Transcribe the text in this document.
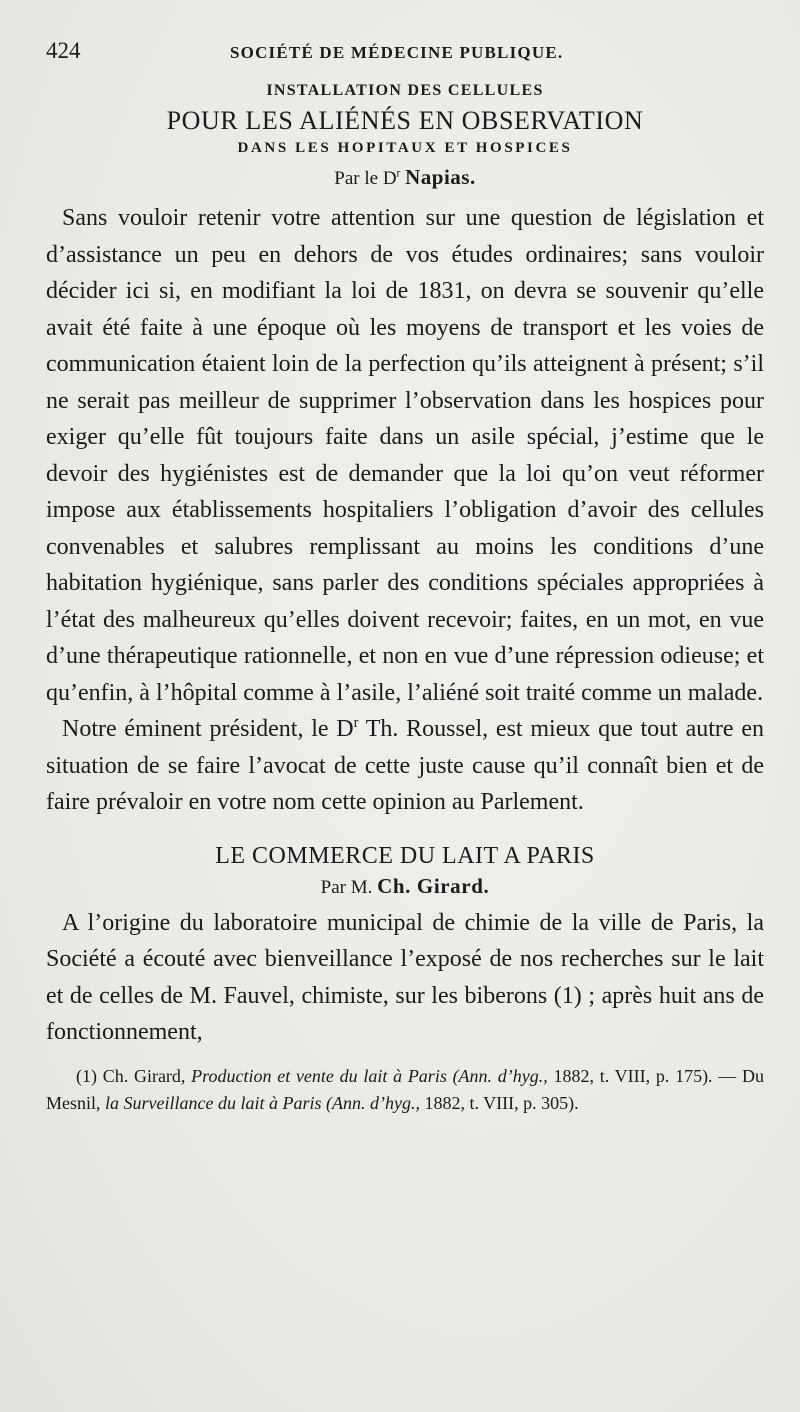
424	SOCIÉTÉ DE MÉDECINE PUBLIQUE.
INSTALLATION DES CELLULES
POUR LES ALIÉNÉS EN OBSERVATION
DANS LES HOPITAUX ET HOSPICES
Par le $D^r$ Napias.

Sans vouloir retenir votre attention sur une question de législation et d’assistance un peu en dehors de vos études ordinaires; sans vouloir décider ici si, en modifiant la loi de 1831, on devra se souvenir qu’elle avait été faite à une époque où les moyens de transport et les voies de communication étaient loin de la perfection qu’ils atteignent à présent; s’il ne serait pas meilleur de supprimer l’observation dans les hospices pour exiger qu’elle fût toujours faite dans un asile spécial, j’estime que le devoir des hygiénistes est de demander que la loi qu’on veut réformer impose aux établissements hospitaliers l’obligation d’avoir des cellules convenables et salubres remplissant au moins les conditions d’une habitation hygiénique, sans parler des conditions spéciales appropriées à l’état des malheureux qu’elles doivent recevoir; faites, en un mot, en vue d’une thérapeutique rationnelle, et non en vue d’une répression odieuse; et qu’enfin, à l’hôpital comme à l’asile, l’aliéné soit traité comme un malade.

Notre éminent président, le $D^r$ Th. Roussel, est mieux que tout autre en situation de se faire l’avocat de cette juste cause qu’il connaît bien et de faire prévaloir en votre nom cette opinion au Parlement.

LE COMMERCE DU LAIT A PARIS
Par M. Ch. Girard.

A l’origine du laboratoire municipal de chimie de la ville de Paris, la Société a écouté avec bienveillance l’exposé de nos recherches sur le lait et de celles de M. Fauvel, chimiste, sur les biberons (1) ; après huit ans de fonctionnement,

(1) Ch. Girard, Production et vente du lait à Paris (Ann. d’hyg., 1882, t. VIII, p. 175). — Du Mesnil, la Surveillance du lait à Paris (Ann. d’hyg., 1882, t. VIII, p. 305).
